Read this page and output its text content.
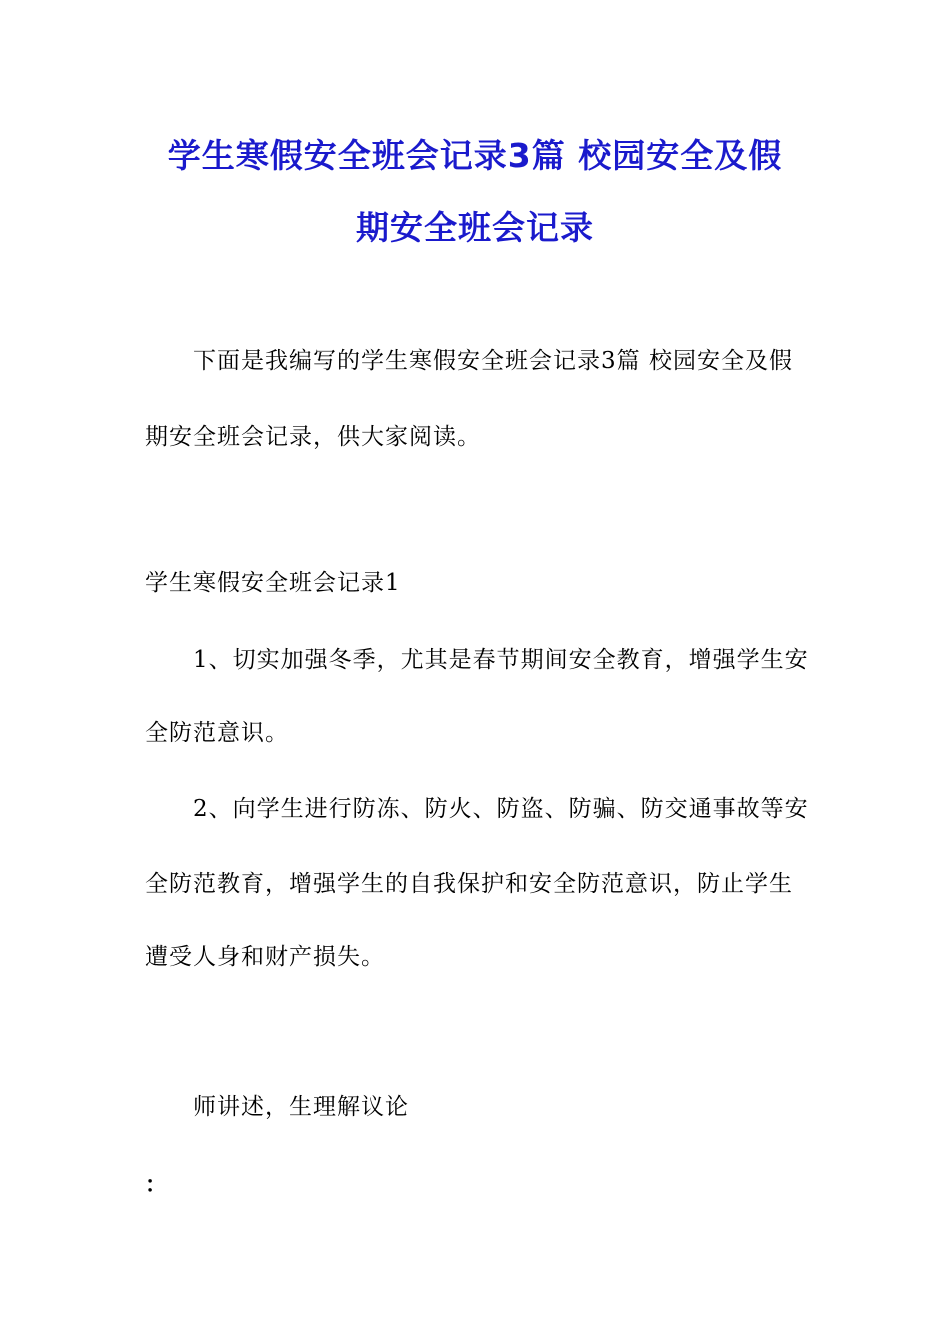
学生寒假安全班会记录3篇 校园安全及假
期安全班会记录
下面是我编写的学生寒假安全班会记录3篇 校园安全及假
期安全班会记录，供大家阅读。
学生寒假安全班会记录1
1、切实加强冬季，尤其是春节期间安全教育，增强学生安
全防范意识。
2、向学生进行防冻、防火、防盗、防骗、防交通事故等安
全防范教育，增强学生的自我保护和安全防范意识，防止学生
遭受人身和财产损失。
师讲述，生理解议论
：
